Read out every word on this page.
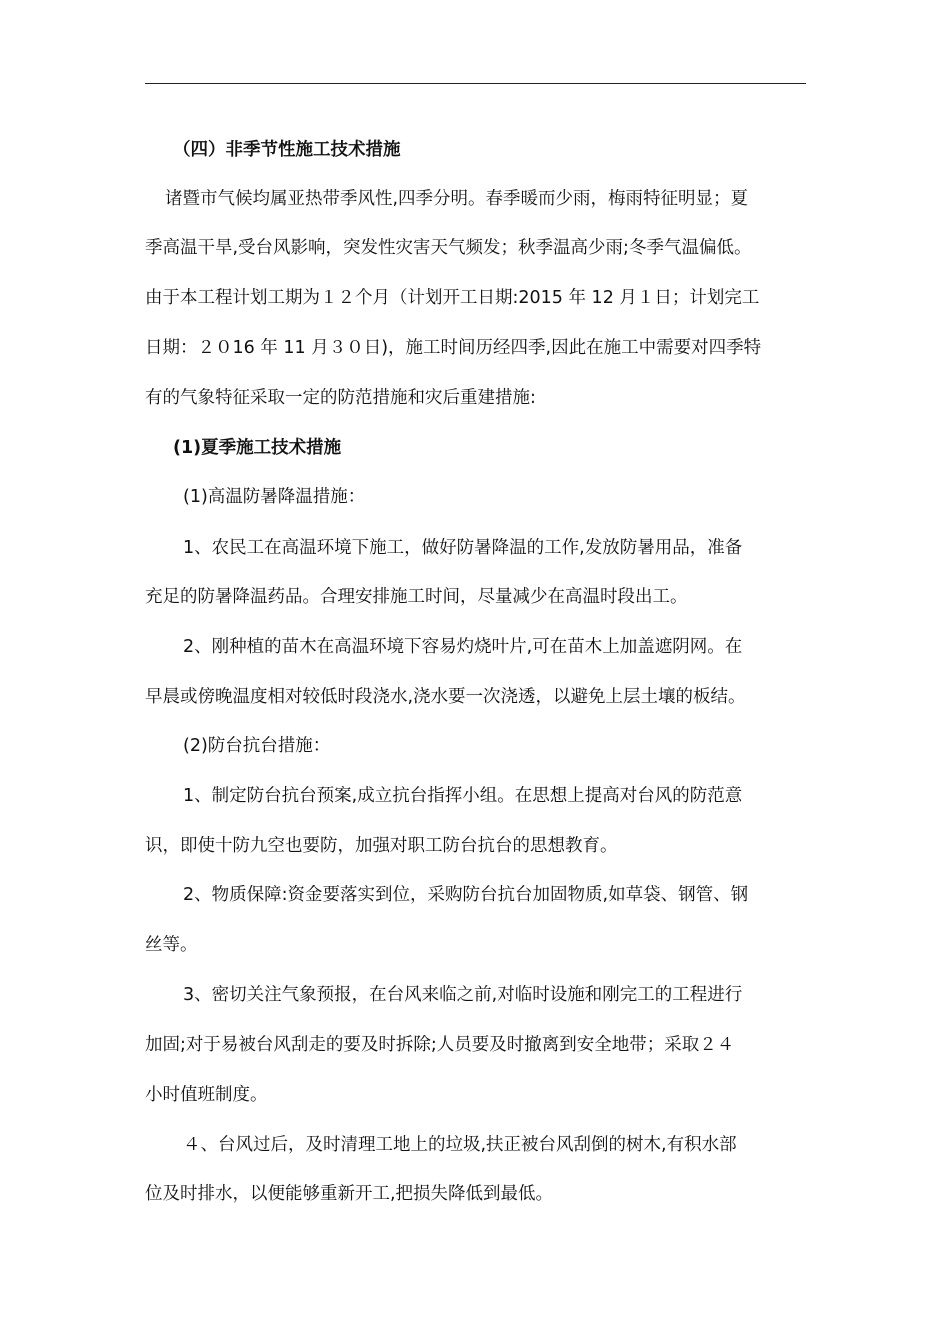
（四）非季节性施工技术措施
诸暨市气候均属亚热带季风性,四季分明。春季暖而少雨，梅雨特征明显；夏
季高温干旱,受台风影响，突发性灾害天气频发；秋季温高少雨;冬季气温偏低。
由于本工程计划工期为１２个月（计划开工日期:2015 年 12 月１日；计划完工
日期：２０16 年 11 月３０日)，施工时间历经四季,因此在施工中需要对四季特
有的气象特征采取一定的防范措施和灾后重建措施:
(1)夏季施工技术措施
(1)高温防暑降温措施：
1、农民工在高温环境下施工，做好防暑降温的工作,发放防暑用品，准备
充足的防暑降温药品。合理安排施工时间，尽量减少在高温时段出工。
2、刚种植的苗木在高温环境下容易灼烧叶片,可在苗木上加盖遮阴网。在
早晨或傍晚温度相对较低时段浇水,浇水要一次浇透，以避免上层土壤的板结。
(2)防台抗台措施：
1、制定防台抗台预案,成立抗台指挥小组。在思想上提高对台风的防范意
识，即使十防九空也要防，加强对职工防台抗台的思想教育。
2、物质保障:资金要落实到位，采购防台抗台加固物质,如草袋、钢管、钢
丝等。
3、密切关注气象预报，在台风来临之前,对临时设施和刚完工的工程进行
加固;对于易被台风刮走的要及时拆除;人员要及时撤离到安全地带；采取２４
小时值班制度。
４、台风过后，及时清理工地上的垃圾,扶正被台风刮倒的树木,有积水部
位及时排水，以便能够重新开工,把损失降低到最低。
